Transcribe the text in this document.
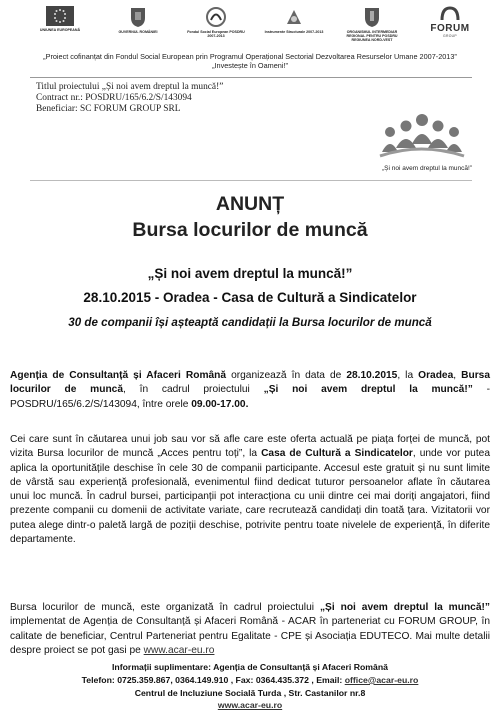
UNIUNEA EUROPEANĂ	GUVERNUL ROMÂNIEI	Fondul Social European POSDRU 2007-2013
Instrumente Structurale 2007-2013	ORGANISMUL INTERMEDIAR REGIONAL PENTRU POSDRU REGIUNEA NORD-VEST
FORUM
GROUP
„Proiect cofinanțat din Fondul Social European prin Programul Operațional Sectorial Dezvoltarea Resurselor Umane 2007-2013”
„Investește în Oameni!”
Titlul proiectului „Și noi avem dreptul la muncă!”
Contract nr.: POSDRU/165/6.2/S/143094
Beneficiar: SC FORUM GROUP SRL
„Și noi avem dreptul la muncă!”
ANUNȚ
Bursa locurilor de muncă
„Și noi avem dreptul la muncă!”
28.10.2015 - Oradea - Casa de Cultură a Sindicatelor
30 de companii își așteaptă candidații la Bursa locurilor de muncă
Agenția de Consultanță și Afaceri Română organizează în data de 28.10.2015, la Oradea, Bursa locurilor de muncă, în cadrul proiectului „Și noi avem dreptul la muncă!” - POSDRU/165/6.2/S/143094, între orele 09.00-17.00.
Cei care sunt în căutarea unui job sau vor să afle care este oferta actuală pe piața forței de muncă, pot vizita Bursa locurilor de muncă „Acces pentru toți”, la Casa de Cultură a Sindicatelor, unde vor putea aplica la oportunitățile deschise în cele 30 de companii participante. Accesul este gratuit și nu sunt limite de vârstă sau experiență profesională, evenimentul fiind dedicat tuturor persoanelor aflate în căutarea unui loc muncă. În cadrul bursei, participanții pot interacționa cu unii dintre cei mai doriți angajatori, fiind prezente companii cu domenii de activitate variate, care recrutează candidați din toată țara. Vizitatorii vor putea alege dintr-o paletă largă de poziții deschise, potrivite pentru toate nivelele de experiență, în diferite departamente.
Bursa locurilor de muncă, este organizată în cadrul proiectului „Și noi avem dreptul la muncă!” implementat de Agenția de Consultanță și Afaceri Română - ACAR în parteneriat cu FORUM GROUP, în calitate de beneficiar, Centrul Parteneriat pentru Egalitate - CPE și Asociația EDUTECO. Mai multe detalii despre proiect se pot gasi pe www.acar-eu.ro
Informații suplimentare: Agenția de Consultanță și Afaceri Română
Telefon: 0725.359.867, 0364.149.910 , Fax: 0364.435.372 , Email: office@acar-eu.ro
Centrul de Incluziune Socială Turda , Str. Castanilor nr.8
www.acar-eu.ro
